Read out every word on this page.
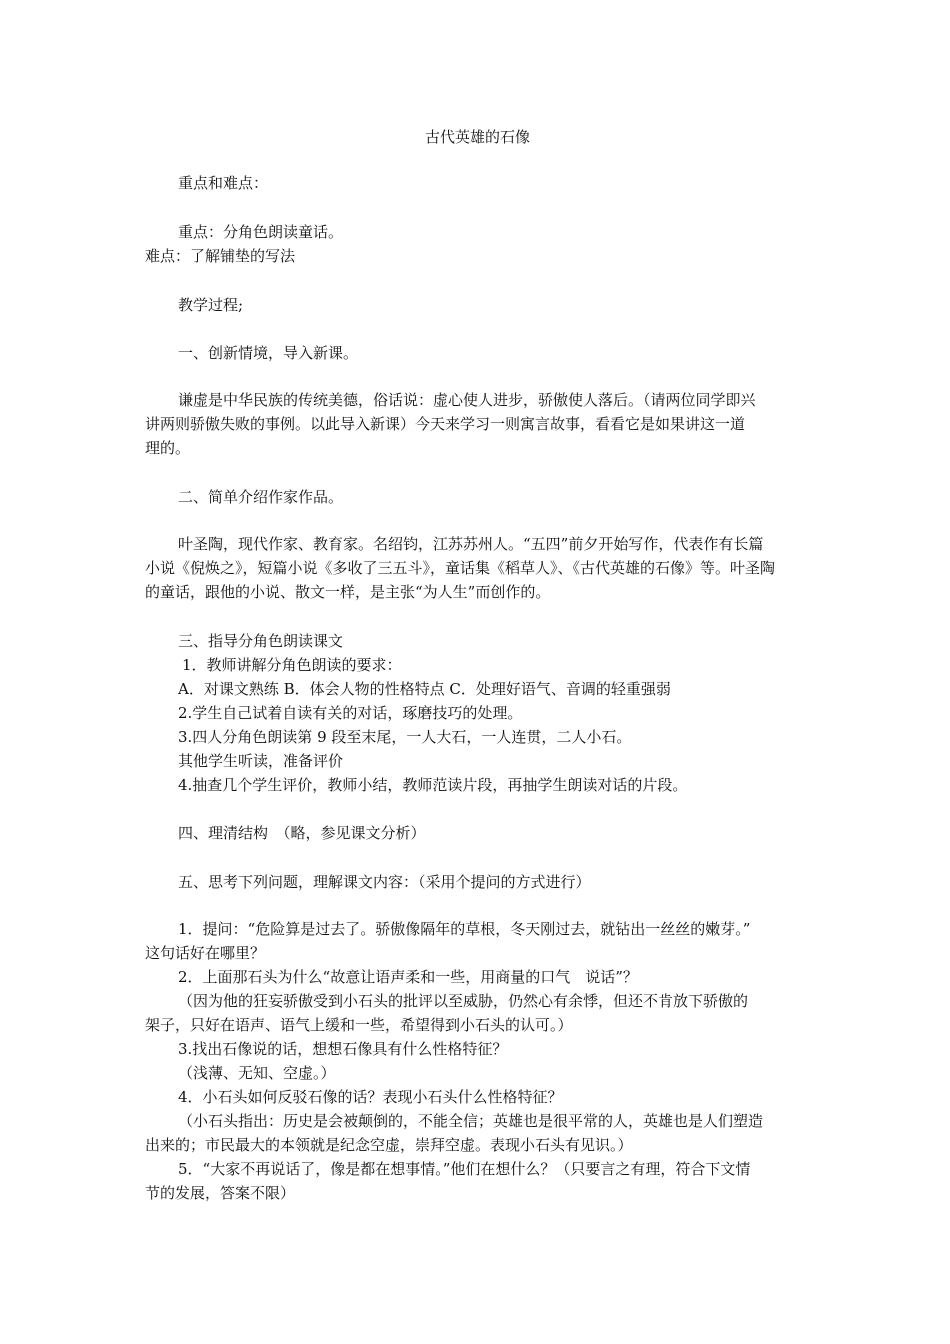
古代英雄的石像
重点和难点：
重点：分角色朗读童话。
难点：了解铺垫的写法
教学过程;
一、创新情境，导入新课。
谦虚是中华民族的传统美德，俗话说：虚心使人进步，骄傲使人落后。（请两位同学即兴
讲两则骄傲失败的事例。以此导入新课）今天来学习一则寓言故事，看看它是如果讲这一道
理的。
二、简单介绍作家作品。
叶圣陶，现代作家、教育家。名绍钧，江苏苏州人。“五四”前夕开始写作，代表作有长篇
小说《倪焕之》，短篇小说《多收了三五斗》，童话集《稻草人》、《古代英雄的石像》等。叶圣陶
的童话，跟他的小说、散文一样，是主张“为人生”而创作的。
三、指导分角色朗读课文
1．教师讲解分角色朗读的要求：
A．对课文熟练 B．体会人物的性格特点 C．处理好语气、音调的轻重强弱
2.学生自己试着自读有关的对话，琢磨技巧的处理。
3.四人分角色朗读第 9 段至末尾，一人大石，一人连贯，二人小石。
其他学生听读，准备评价
4.抽查几个学生评价，教师小结，教师范读片段，再抽学生朗读对话的片段。
四、理清结构　（略，参见课文分析）
五、思考下列问题，理解课文内容：（采用个提问的方式进行）
1．提问：“危险算是过去了。骄傲像隔年的草根，冬天刚过去，就钻出一丝丝的嫩芽。”
这句话好在哪里？
2．上面那石头为什么“故意让语声柔和一些，用商量的口气　说话”？
（因为他的狂妄骄傲受到小石头的批评以至威胁，仍然心有余悸，但还不肯放下骄傲的
架子，只好在语声、语气上缓和一些，希望得到小石头的认可。）
3.找出石像说的话，想想石像具有什么性格特征？
（浅薄、无知、空虚。）
4．小石头如何反驳石像的话？表现小石头什么性格特征？
（小石头指出：历史是会被颠倒的，不能全信；英雄也是很平常的人，英雄也是人们塑造
出来的；市民最大的本领就是纪念空虚，崇拜空虚。表现小石头有见识。）
5．“大家不再说话了，像是都在想事情。”他们在想什么？（只要言之有理，符合下文情
节的发展，答案不限）
